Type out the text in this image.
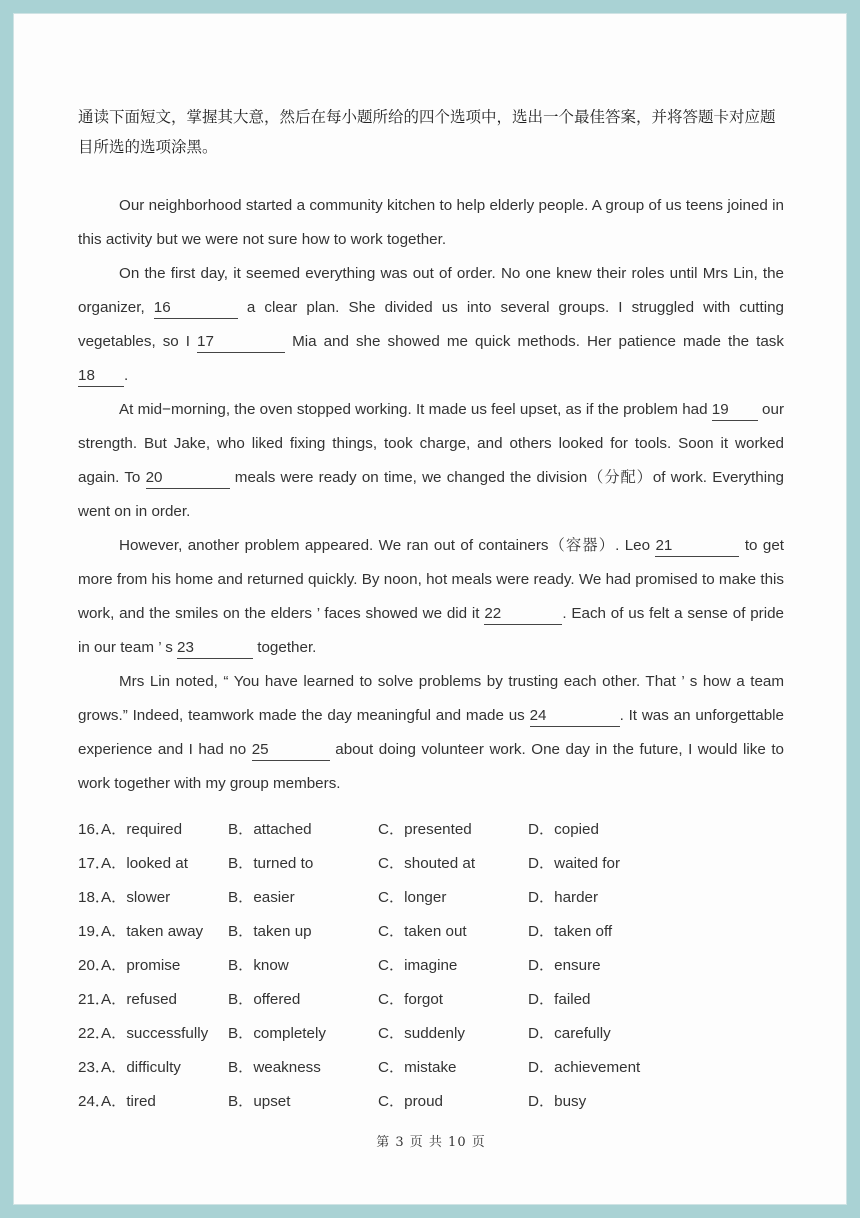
通读下面短文，掌握其大意，然后在每小题所给的四个选项中，选出一个最佳答案，并将答题卡对应题目所选的选项涂黑。

Our neighborhood started a community kitchen to help elderly people. A group of us teens joined in this activity but we were not sure how to work together.

On the first day, it seemed everything was out of order. No one knew their roles until Mrs Lin, the organizer, 16	a clear plan. She divided us into several groups. I struggled with cutting vegetables, so I 17	Mia and she showed me quick methods. Her patience made the task 18 .

At mid−morning, the oven stopped working. It made us feel upset, as if the problem had 19 our strength. But Jake, who liked fixing things, took charge, and others looked for tools. Soon it worked again. To 20	meals were ready on time, we changed the division（分配）of work. Everything went on in order.

However, another problem appeared. We ran out of containers（容器）. Leo 21	to get more from his home and returned quickly. By noon, hot meals were ready. We had promised to make this work, and the smiles on the elders ’ faces showed we did it 22	. Each of us felt a sense of pride in our team ’ s 23	together.

Mrs Lin noted, “ You have learned to solve problems by trusting each other. That ’ s how a team grows.” Indeed, teamwork made the day meaningful and made us 24	. It was an unforgettable experience and I had no 25	about doing volunteer work. One day in the future, I would like to work together with my group members.

16．
A．required	B．attached	C．presented	D．copied
17．
A．looked at	B．turned to	C．shouted at	D．waited for
18．
A．slower	B．easier	C．longer	D．harder
19．
A．taken away B．taken up	C．taken out	D．taken off
20．
A．promise	B．know	C．imagine	D．ensure
21．
A．refused	B．offered	C．forgot	D．failed
22．
A．successfully B．completely	C．suddenly	D．carefully
23．
A．difficulty	B．weakness	C．mistake	D．achievement
24．
A．tired	B．upset	C．proud	D．busy
第 3 页 共 10 页
